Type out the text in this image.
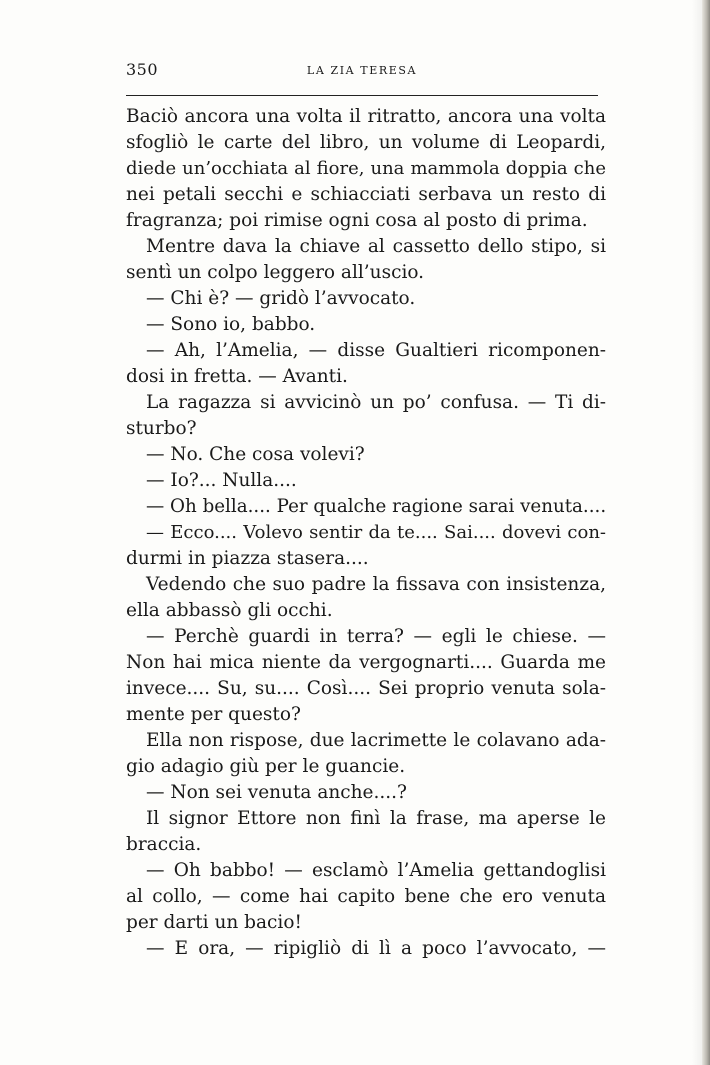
350	LA ZIA TERESA
Baciò ancora una volta il ritratto, ancora una volta
sfogliò le carte del libro, un volume di Leopardi,
diede un’occhiata al fiore, una mammola doppia che
nei petali secchi e schiacciati serbava un resto di
fragranza; poi rimise ogni cosa al posto di prima.
Mentre dava la chiave al cassetto dello stipo, si
sentì un colpo leggero all’uscio.
— Chi è? — gridò l’avvocato.
— Sono io, babbo.
— Ah, l’Amelia, — disse Gualtieri ricomponen-
dosi in fretta. — Avanti.
La ragazza si avvicinò un po’ confusa. — Ti di-
sturbo?
— No. Che cosa volevi?
— Io?... Nulla....
— Oh bella.... Per qualche ragione sarai venuta....
— Ecco.... Volevo sentir da te.... Sai.... dovevi con-
durmi in piazza stasera....
Vedendo che suo padre la fissava con insistenza,
ella abbassò gli occhi.
— Perchè guardi in terra? — egli le chiese. —
Non hai mica niente da vergognarti.... Guarda me
invece.... Su, su.... Così.... Sei proprio venuta sola-
mente per questo?
Ella non rispose, due lacrimette le colavano ada-
gio adagio giù per le guancie.
— Non sei venuta anche....?
Il signor Ettore non finì la frase, ma aperse le
braccia.
— Oh babbo! — esclamò l’Amelia gettandoglisi
al collo, — come hai capito bene che ero venuta
per darti un bacio!
— E ora, — ripigliò di lì a poco l’avvocato, —
